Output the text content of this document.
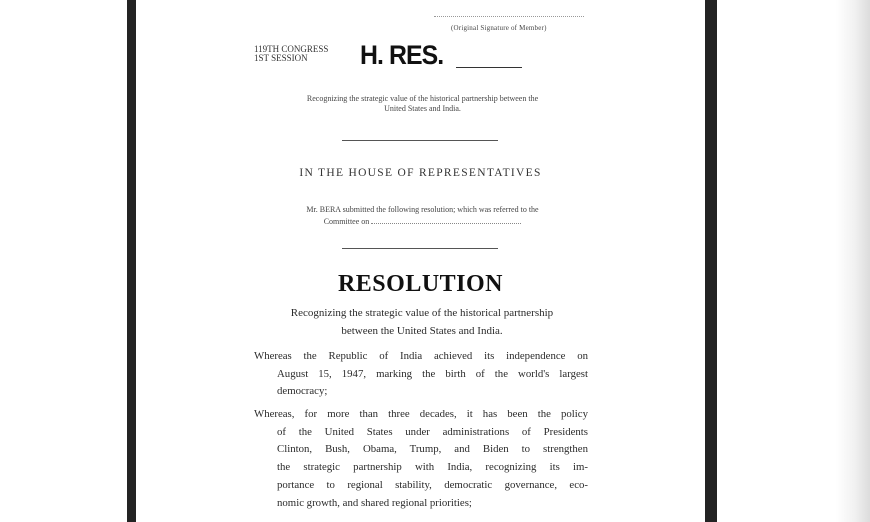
(Original Signature of Member)
119TH CONGRESS
1ST SESSION	H. RES.
Recognizing the strategic value of the historical partnership between the
United States and India.
IN THE HOUSE OF REPRESENTATIVES
Mr. BERA submitted the following resolution; which was referred to the
Committee on
RESOLUTION
Recognizing the strategic value of the historical partnership
between the United States and India.
Whereas the Republic of India achieved its independence on
August 15, 1947, marking the birth of the world's largest
democracy;
Whereas, for more than three decades, it has been the policy
of the United States under administrations of Presidents
Clinton, Bush, Obama, Trump, and Biden to strengthen
the strategic partnership with India, recognizing its im-
portance to regional stability, democratic governance, eco-
nomic growth, and shared regional priorities;
